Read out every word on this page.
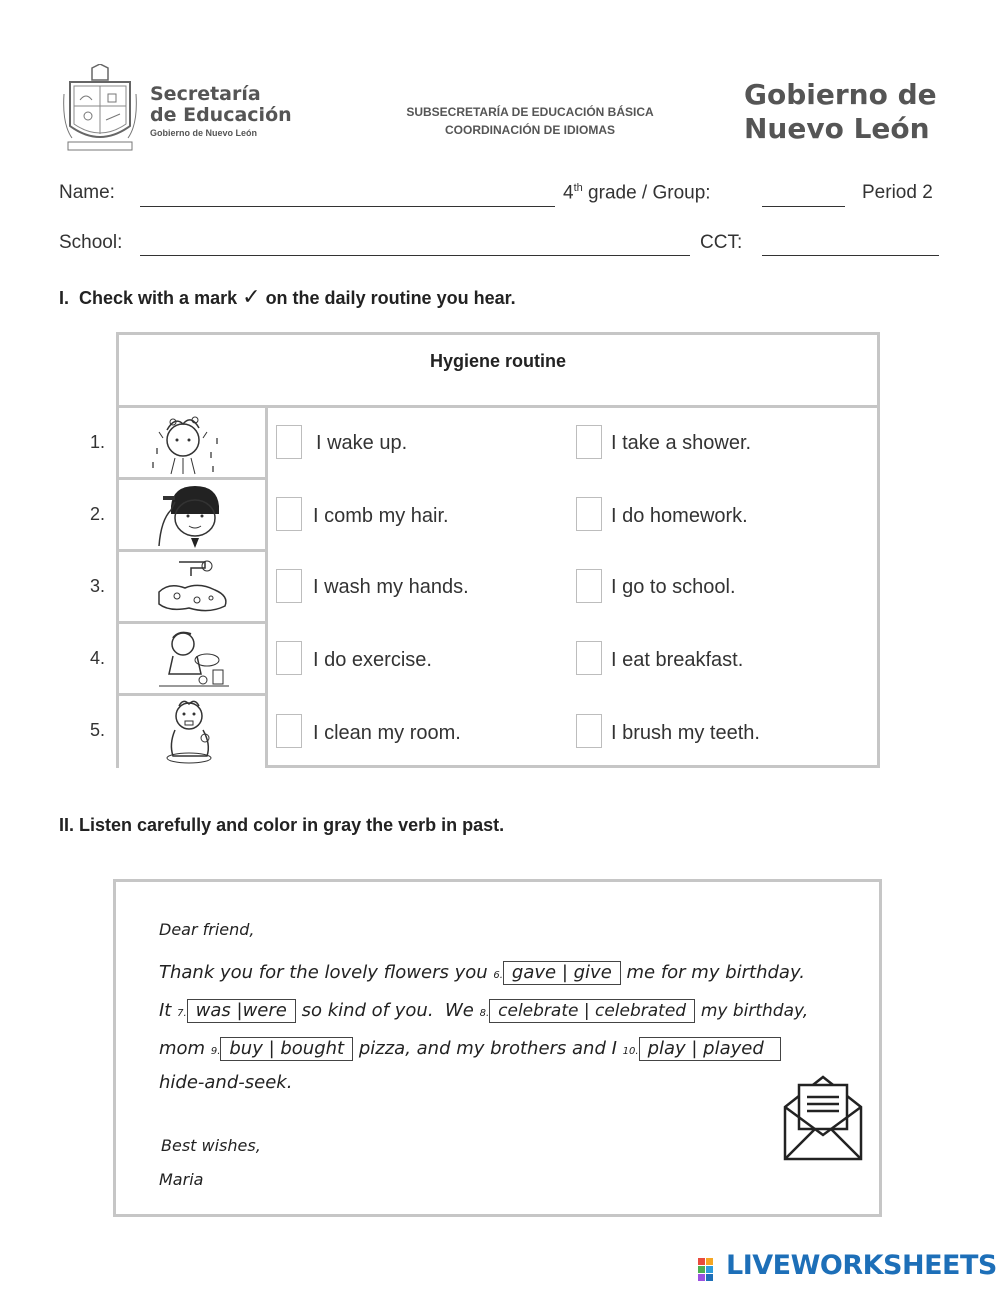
Secretaría
de Educación
Gobierno de Nuevo León
SUBSECRETARÍA DE EDUCACIÓN BÁSICA
COORDINACIÓN DE IDIOMAS
Gobierno de
Nuevo León
Name:	4th grade / Group:	Period 2
School:	CCT:
I. Check with a mark ✓ on the daily routine you hear.
Hygiene routine
1.
2.
3.
4.
5.
I wake up.	I take a shower.
I comb my hair.	I do homework.
I wash my hands.	I go to school.
I do exercise.	I eat breakfast.
I clean my room.	I brush my teeth.
II. Listen carefully and color in gray the verb in past.
Dear friend,
Thank you for the lovely flowers you 6. gave | give me for my birthday.
It 7. was |were so kind of you. We 8. celebrate | celebrated my birthday,
mom 9. buy | bought pizza, and my brothers and I 10. play | played
hide-and-seek.
Best wishes,
Maria
LIVEWORKSHEETS
